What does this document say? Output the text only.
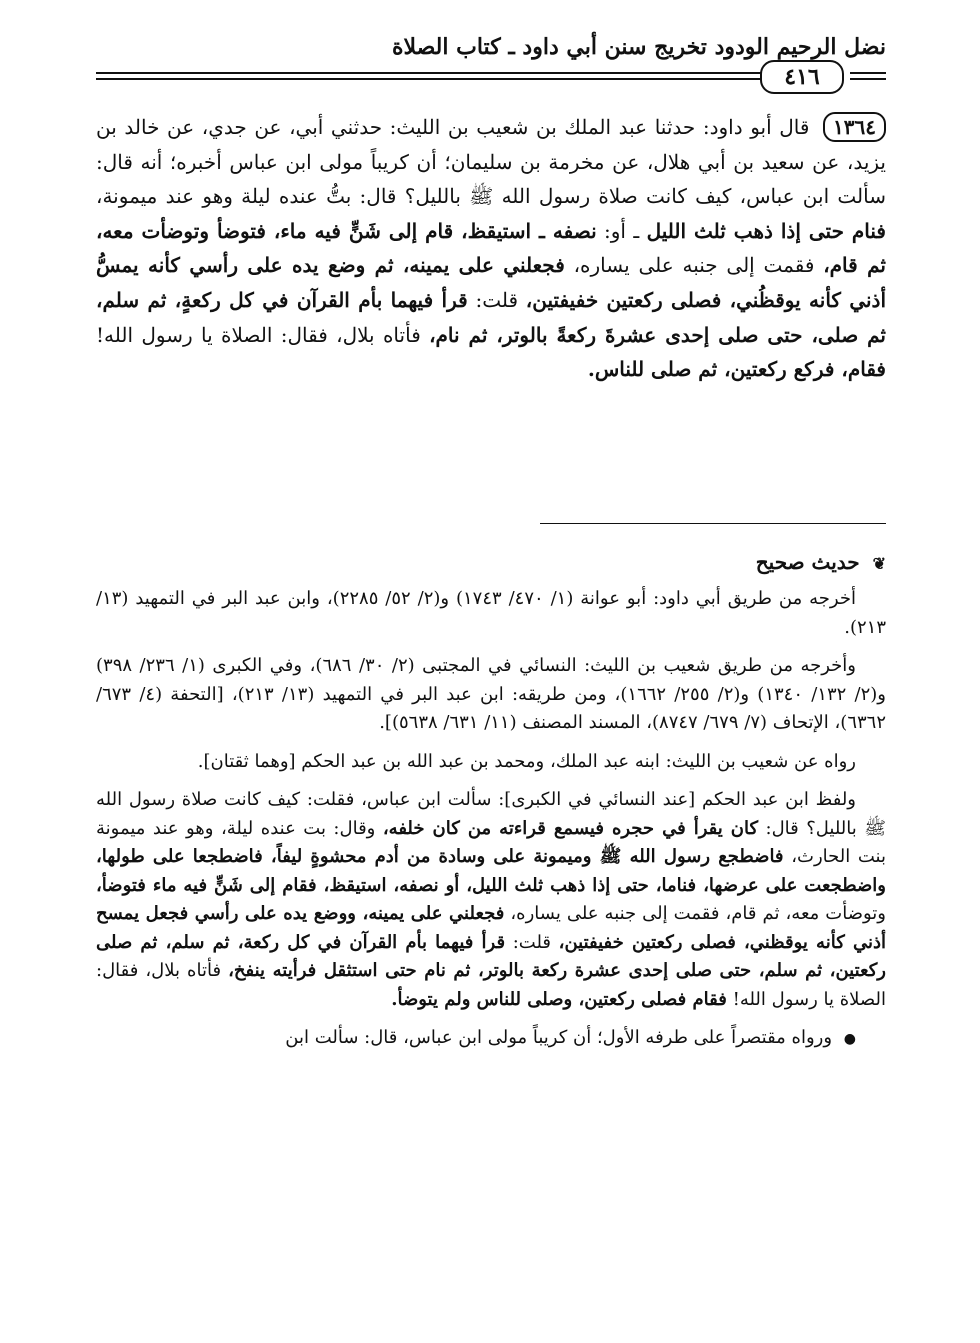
نضل الرحيم الودود تخريج سنن أبي داود ـ كتاب الصلاة
٤١٦
١٣٦٤ قال أبو داود: حدثنا عبد الملك بن شعيب بن الليث: حدثني أبي، عن جدي، عن خالد بن يزيد، عن سعيد بن أبي هلال، عن مخرمة بن سليمان؛ أن كريباً مولى ابن عباس أخبره؛ أنه قال: سألت ابن عباس، كيف كانت صلاة رسول الله ﷺ بالليل؟ قال: بتُّ عنده ليلة وهو عند ميمونة، فنام حتى إذا ذهب ثلث الليل ـ أو: نصفه ـ استيقظ، قام إلى شَنٍّ فيه ماء، فتوضأ وتوضأت معه، ثم قام، فقمت إلى جنبه على يساره، فجعلني على يمينه، ثم وضع يده على رأسي كأنه يمسُّ أذني كأنه يوقظُني، فصلى ركعتين خفيفتين، قلت: قرأ فيهما بأم القرآن في كل ركعةٍ، ثم سلم، ثم صلى، حتى صلى إحدى عشرةَ ركعةً بالوتر، ثم نام، فأتاه بلال، فقال: الصلاة يا رسول الله! فقام، فركع ركعتين، ثم صلى للناس.
❦ حديث صحيح

أخرجه من طريق أبي داود: أبو عوانة (١/ ٤٧٠/ ١٧٤٣) و(٢/ ٥٢/ ٢٢٨٥)، وابن عبد البر في التمهيد (١٣/ ٢١٣).

وأخرجه من طريق شعيب بن الليث: النسائي في المجتبى (٢/ ٣٠/ ٦٨٦)، وفي الكبرى (١/ ٢٣٦/ ٣٩٨) و(٢/ ١٣٢/ ١٣٤٠) و(٢/ ٢٥٥/ ١٦٦٢)، ومن طريقه: ابن عبد البر في التمهيد (١٣/ ٢١٣)، [التحفة (٤/ ٦٧٣/ ٦٣٦٢)، الإتحاف (٧/ ٦٧٩/ ٨٧٤٧)، المسند المصنف (١١/ ٦٣١/ ٥٦٣٨)].

رواه عن شعيب بن الليث: ابنه عبد الملك، ومحمد بن عبد الله بن عبد الحكم [وهما ثقتان].

ولفظ ابن عبد الحكم [عند النسائي في الكبرى]: سألت ابن عباس، فقلت: كيف كانت صلاة رسول الله ﷺ بالليل؟ قال: كان يقرأ في حجره فيسمع قراءته من كان خلفه، وقال: بت عنده ليلة، وهو عند ميمونة بنت الحارث، فاضطجع رسول الله ﷺ وميمونة على وسادة من أدم محشوةٍ ليفاً، فاضطجعا على طولها، واضطجعت على عرضها، فناما، حتى إذا ذهب ثلث الليل، أو نصفه، استيقظ، فقام إلى شَنٍّ فيه ماء فتوضأ، وتوضأت معه، ثم قام، فقمت إلى جنبه على يساره، فجعلني على يمينه، ووضع يده على رأسي فجعل يمسح أذني كأنه يوقظني، فصلى ركعتين خفيفتين، قلت: قرأ فيهما بأم القرآن في كل ركعة، ثم سلم، ثم صلى ركعتين، ثم سلم، حتى صلى إحدى عشرة ركعة بالوتر، ثم نام حتى استثقل فرأيته ينفخ، فأتاه بلال، فقال: الصلاة يا رسول الله! فقام فصلى ركعتين، وصلى للناس ولم يتوضأ.

● ورواه مقتصراً على طرفه الأول؛ أن كريباً مولى ابن عباس، قال: سألت ابن
